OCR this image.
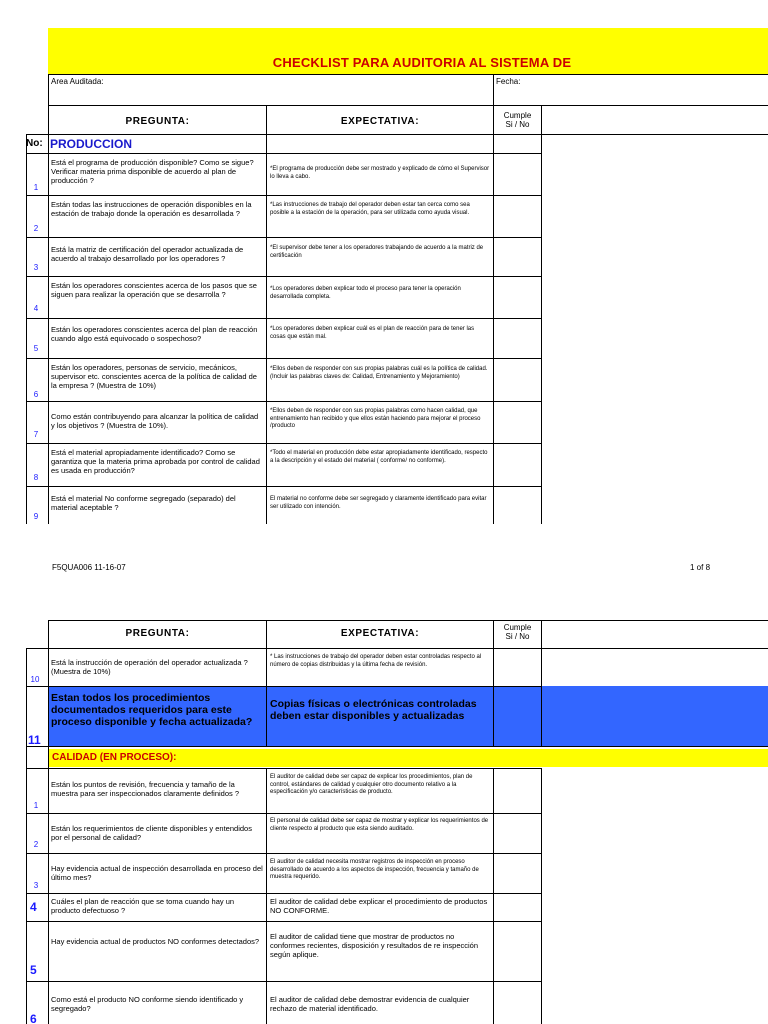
CHECKLIST PARA AUDITORIA AL SISTEMA DE
Area Auditada:	Fecha:
PREGUNTA:	EXPECTATIVA:
Cumple
Si / No
No: PRODUCCION
1
Está el programa de producción disponible? Como se sigue? Verificar materia prima disponible de acuerdo al plan de producción ?
*El programa de producción debe ser mostrado y explicado de cómo el Supervisor lo lleva a cabo.
2
Están todas las instrucciones de operación disponibles en la estación de trabajo donde la operación es desarrollada ?
*Las instrucciones de trabajo del operador deben estar tan cerca como sea posible a la estación de la operación, para ser utilizada como ayuda visual.
3
Está la matriz de certificación del operador actualizada de acuerdo al trabajo desarrollado por los operadores ?
*El supervisor debe tener a los operadores trabajando de acuerdo a la matriz de certificación
4
Están los operadores conscientes acerca de los pasos que se siguen para realizar la operación que se desarrolla ?
*Los operadores deben explicar todo el proceso para tener la operación desarrollada completa.
5
Están los operadores conscientes acerca del plan de reacción cuando algo está equivocado o sospechoso?
*Los operadores deben explicar cuál es el plan de reacción para de tener las cosas que están mal.
6
Están los operadores, personas de servicio, mecánicos, supervisor etc. conscientes acerca de la política de calidad de la empresa ? (Muestra de 10%)
*Ellos deben de responder con sus propias palabras cuál es la política de calidad. (Incluir las palabras claves de: Calidad, Entrenamiento y Mejoramiento)
7
Como están contribuyendo para alcanzar la política de calidad y los objetivos ? (Muestra de 10%).
*Ellos deben de responder con sus propias palabras como hacen calidad, que entrenamiento han recibido y que ellos están haciendo para mejorar el proceso /producto
8
Está el material apropiadamente identificado? Como se garantiza que la materia prima aprobada por control de calidad es usada en producción?
*Todo el material en producción debe estar apropiadamente identificado, respecto a la descripción y el estado del material ( conforme/ no conforme).
9
Está el material No conforme segregado (separado) del material aceptable ?
El material no conforme debe ser segregado y claramente identificado para evitar ser utilizado con intención.
F5QUA006 11-16-07	1 of 8
PREGUNTA:	EXPECTATIVA:
Cumple
Si / No
10
Está la instrucción de operación del operador actualizada ? (Muestra de 10%)
* Las instrucciones de trabajo del operador deben estar controladas respecto al número de copias distribuidas y la última fecha de revisión.
11
Estan todos los procedimientos documentados requeridos para este proceso disponible y fecha actualizada?
Copias físicas o electrónicas controladas deben estar disponibles y actualizadas
CALIDAD (EN PROCESO):
1
Están los puntos de revisión, frecuencia y tamaño de la muestra para ser inspeccionados claramente definidos ?
El auditor de calidad debe ser capaz de explicar los procedimientos, plan de control, estándares de calidad y cualquier otro documento relativo a la especificación y/o características de producto.
2
Están los requerimientos de cliente disponibles y entendidos por el personal de calidad?
El personal de calidad debe ser capaz de mostrar y explicar los requerimientos de cliente respecto al producto que esta siendo auditado.
3
Hay evidencia actual de inspección desarrollada en proceso del último mes?
El auditor de calidad necesita mostrar registros de inspección en proceso desarrollado de acuerdo a los aspectos de inspección, frecuencia y tamaño de muestra requerido.
4 Cuáles el plan de reacción que se toma cuando hay un producto defectuoso ?
El auditor de calidad debe explicar el procedimiento de productos NO CONFORME.
5
Hay evidencia actual de productos NO conformes detectados?
El auditor de calidad tiene que mostrar de productos no conformes recientes, disposición y resultados de re inspección según aplique.
6
Como está el producto NO conforme siendo identificado y segregado?
El auditor de calidad debe demostrar evidencia de cualquier rechazo de material identificado.
